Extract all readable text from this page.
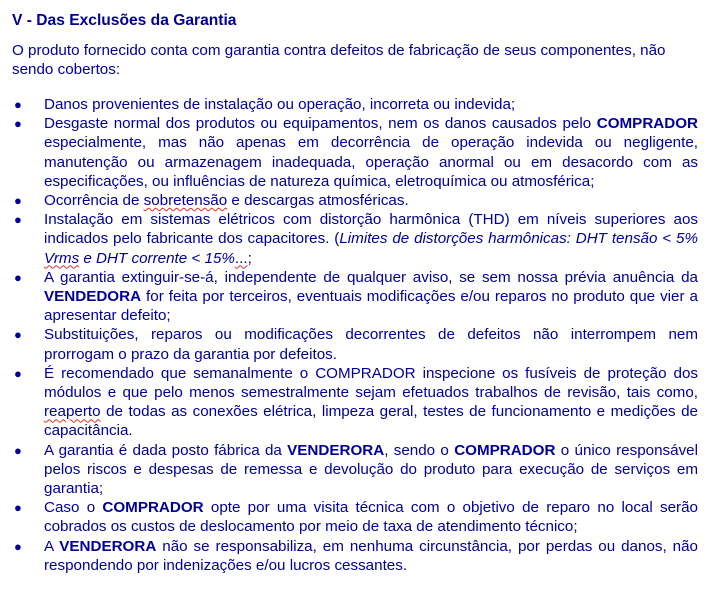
V - Das Exclusões da Garantia
O produto fornecido conta com garantia contra defeitos de fabricação de seus componentes, não sendo cobertos:
● Danos provenientes de instalação ou operação, incorreta ou indevida;
● Desgaste normal dos produtos ou equipamentos, nem os danos causados pelo COMPRADOR especialmente, mas não apenas em decorrência de operação indevida ou negligente, manutenção ou armazenagem inadequada, operação anormal ou em desacordo com as especificações, ou influências de natureza química, eletroquímica ou atmosférica;
● Ocorrência de sobretensão e descargas atmosféricas.
● Instalação em sistemas elétricos com distorção harmônica (THD) em níveis superiores aos indicados pelo fabricante dos capacitores. (Limites de distorções harmônicas: DHT tensão < 5% Vrms e DHT corrente < 15%...;
● A garantia extinguir-se-á, independente de qualquer aviso, se sem nossa prévia anuência da VENDEDORA for feita por terceiros, eventuais modificações e/ou reparos no produto que vier a apresentar defeito;
● Substituições, reparos ou modificações decorrentes de defeitos não interrompem nem prorrogam o prazo da garantia por defeitos.
● É recomendado que semanalmente o COMPRADOR inspecione os fusíveis de proteção dos módulos e que pelo menos semestralmente sejam efetuados trabalhos de revisão, tais como, reaperto de todas as conexões elétrica, limpeza geral, testes de funcionamento e medições de capacitância.
● A garantia é dada posto fábrica da VENDERORA, sendo o COMPRADOR o único responsável pelos riscos e despesas de remessa e devolução do produto para execução de serviços em garantia;
● Caso o COMPRADOR opte por uma visita técnica com o objetivo de reparo no local serão cobrados os custos de deslocamento por meio de taxa de atendimento técnico;
● A VENDERORA não se responsabiliza, em nenhuma circunstância, por perdas ou danos, não respondendo por indenizações e/ou lucros cessantes.
